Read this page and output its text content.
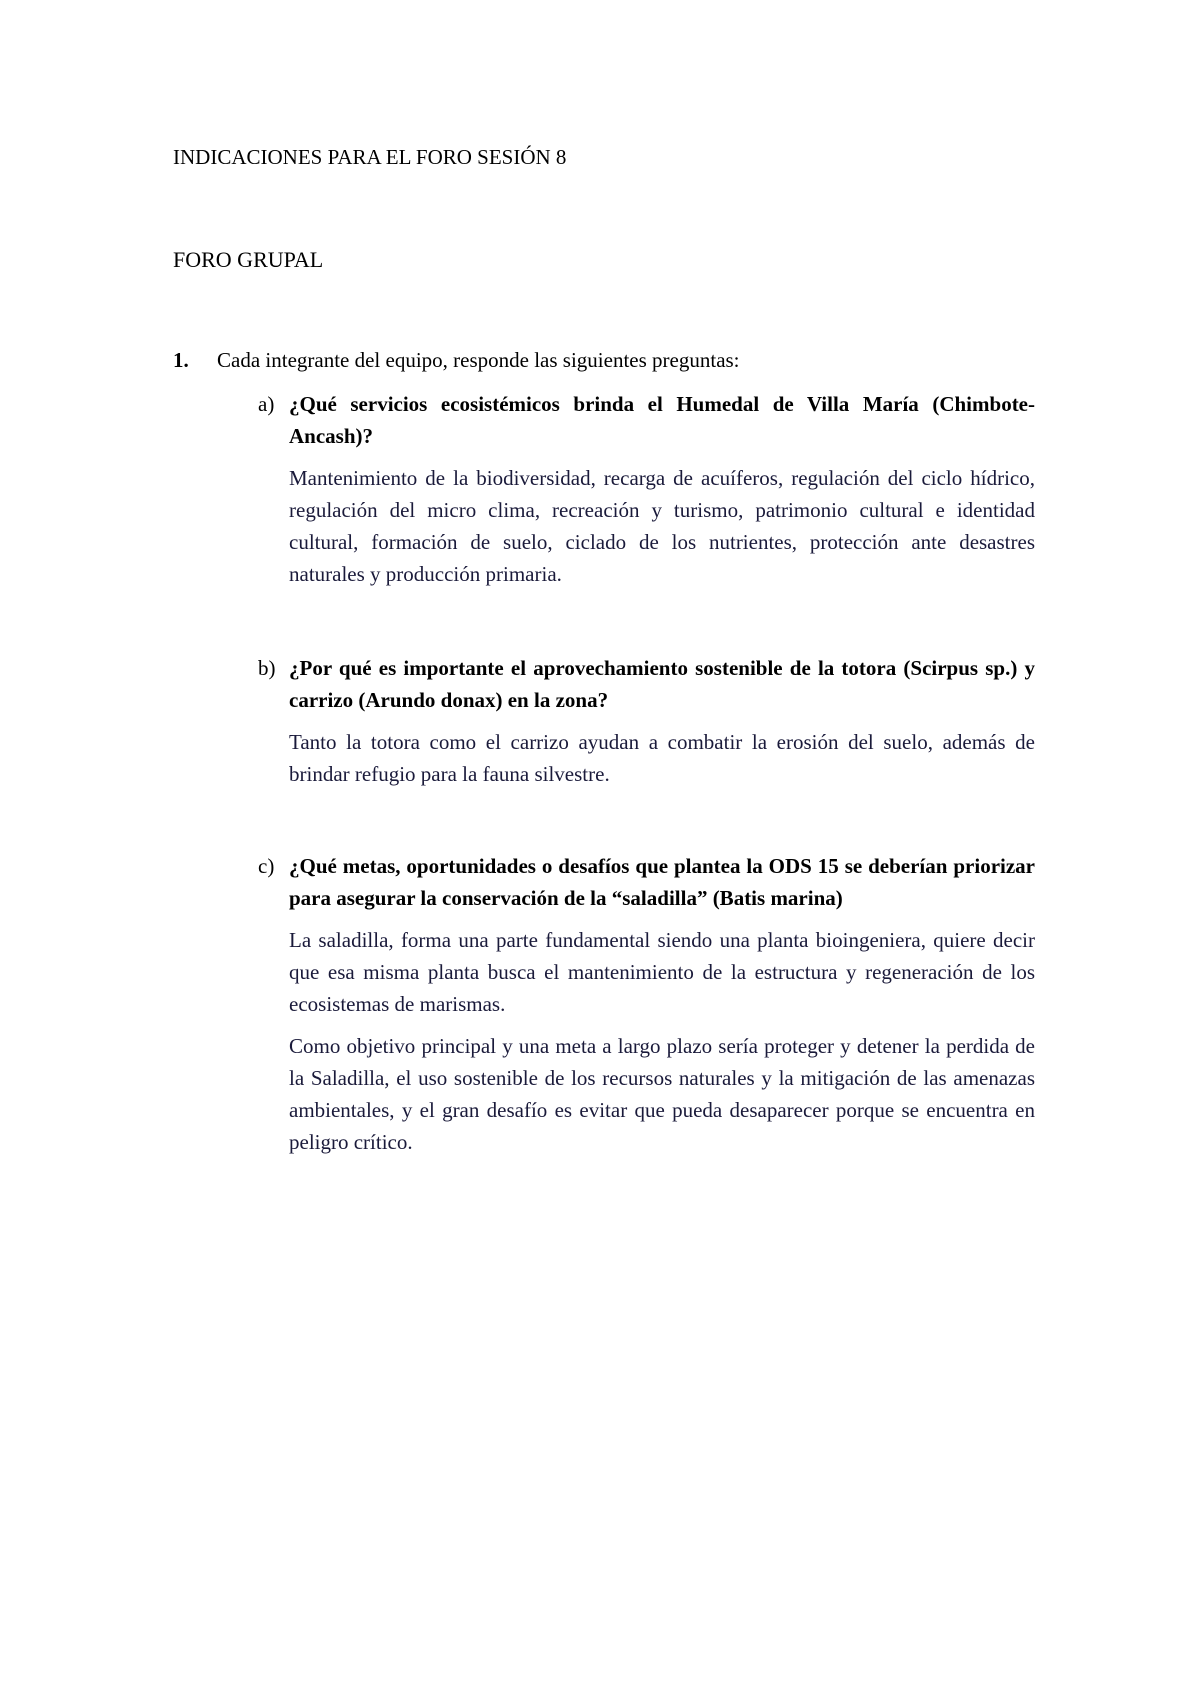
INDICACIONES PARA EL FORO SESIÓN 8
FORO GRUPAL
1. Cada integrante del equipo, responde las siguientes preguntas:
a) ¿Qué servicios ecosistémicos brinda el Humedal de Villa María (Chimbote-Ancash)?
Mantenimiento de la biodiversidad, recarga de acuíferos, regulación del ciclo hídrico, regulación del micro clima, recreación y turismo, patrimonio cultural e identidad cultural, formación de suelo, ciclado de los nutrientes, protección ante desastres naturales y producción primaria.
b) ¿Por qué es importante el aprovechamiento sostenible de la totora (Scirpus sp.) y carrizo (Arundo donax) en la zona?
Tanto la totora como el carrizo ayudan a combatir la erosión del suelo, además de brindar refugio para la fauna silvestre.
c) ¿Qué metas, oportunidades o desafíos que plantea la ODS 15 se deberían priorizar para asegurar la conservación de la “saladilla” (Batis marina)
La saladilla, forma una parte fundamental siendo una planta bioingeniera, quiere decir que esa misma planta busca el mantenimiento de la estructura y regeneración de los ecosistemas de marismas.
Como objetivo principal y una meta a largo plazo sería proteger y detener la perdida de la Saladilla, el uso sostenible de los recursos naturales y la mitigación de las amenazas ambientales, y el gran desafío es evitar que pueda desaparecer porque se encuentra en peligro crítico.
